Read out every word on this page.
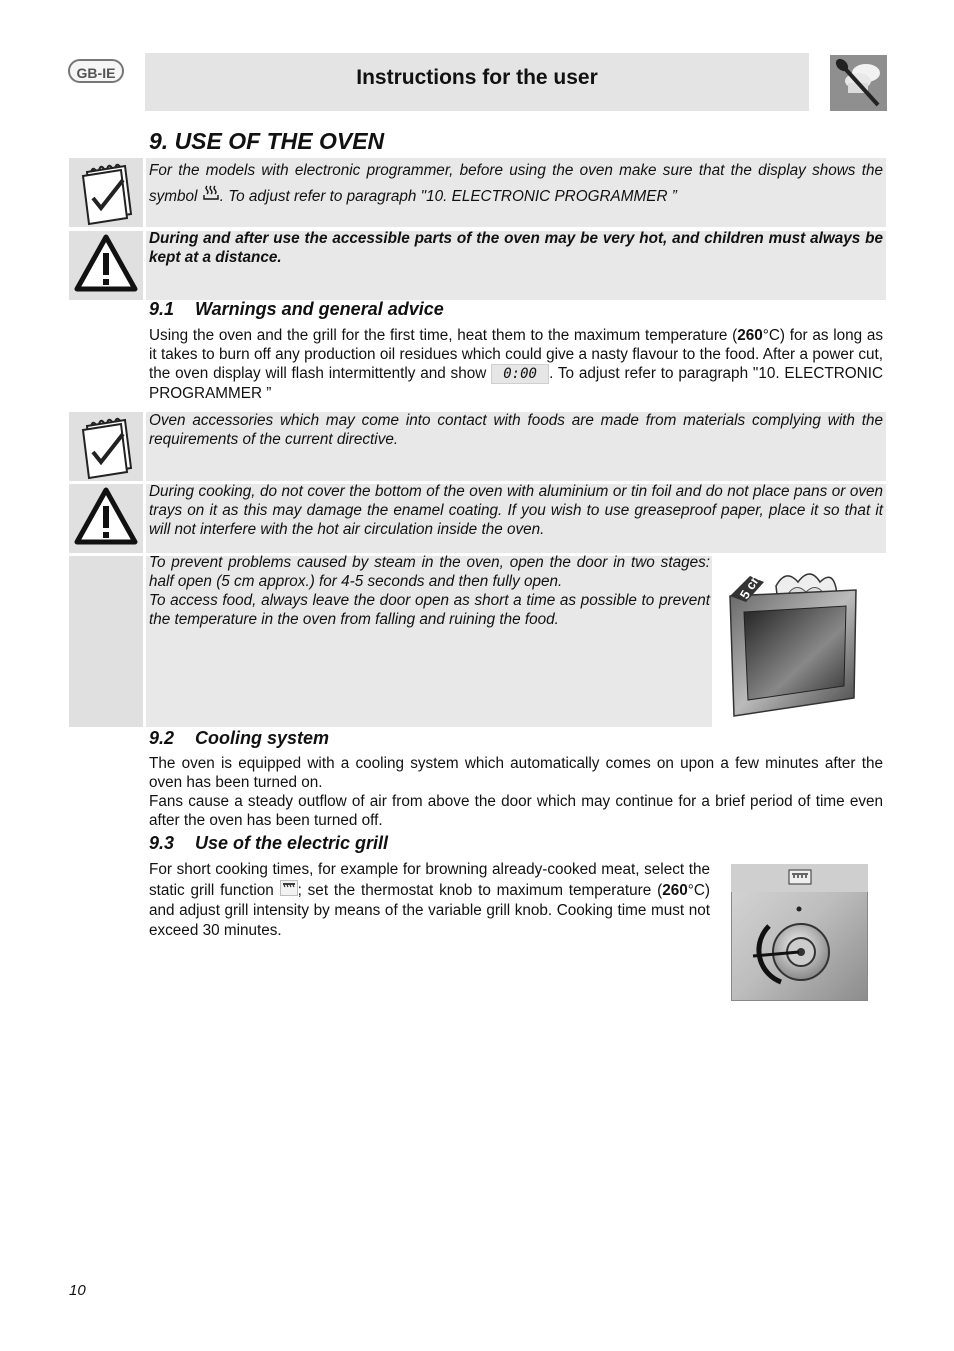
GB-IE	Instructions for the user
9. USE OF THE OVEN
For the models with electronic programmer, before using the oven make sure that the display shows the symbol . To adjust refer to paragraph "10. ELECTRONIC PROGRAMMER ”
During and after use the accessible parts of the oven may be very hot, and children must always be kept at a distance.
9.1 Warnings and general advice
Using the oven and the grill for the first time, heat them to the maximum temperature (260°C) for as long as it takes to burn off any production oil residues which could give a nasty flavour to the food. After a power cut, the oven display will flash intermittently and show 0:00 . To adjust refer to paragraph "10. ELECTRONIC PROGRAMMER ”
Oven accessories which may come into contact with foods are made from materials complying with the requirements of the current directive.
During cooking, do not cover the bottom of the oven with aluminium or tin foil and do not place pans or oven trays on it as this may damage the enamel coating. If you wish to use greaseproof paper, place it so that it will not interfere with the hot air circulation inside the oven.
To prevent problems caused by steam in the oven, open the door in two stages: half open (5 cm approx.) for 4-5 seconds and then fully open.
To access food, always leave the door open as short a time as possible to prevent the temperature in the oven from falling and ruining the food.
5 cm
9.2 Cooling system
The oven is equipped with a cooling system which automatically comes on upon a few minutes after the oven has been turned on.
Fans cause a steady outflow of air from above the door which may continue for a brief period of time even after the oven has been turned off.
9.3 Use of the electric grill
For short cooking times, for example for browning already-cooked meat, select the static grill function ; set the thermostat knob to maximum temperature (260°C) and adjust grill intensity by means of the variable grill knob. Cooking time must not exceed 30 minutes.
10
